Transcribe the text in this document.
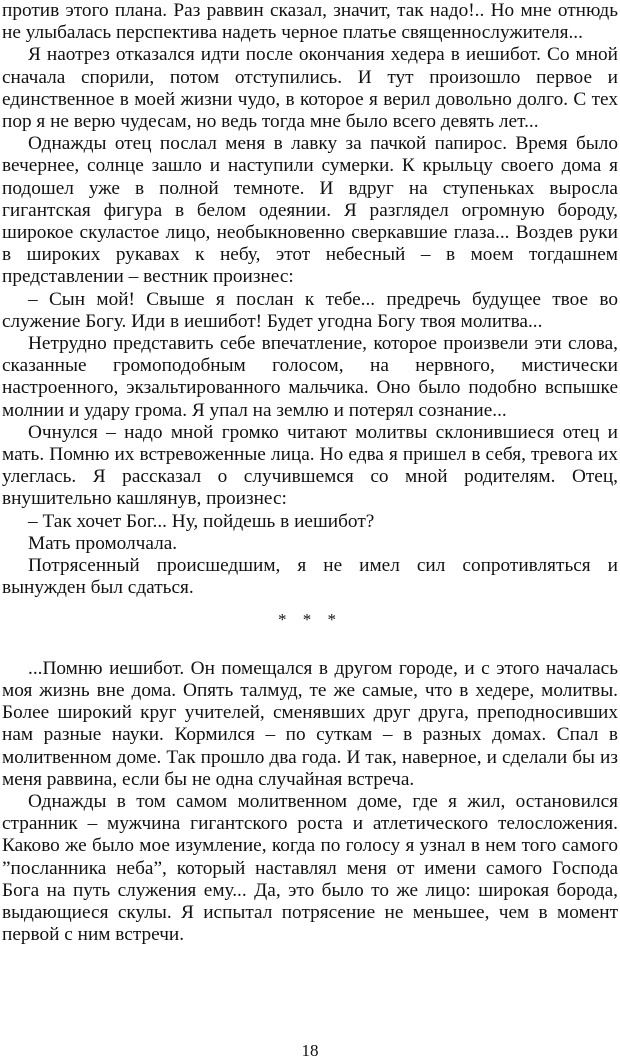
против этого плана. Раз раввин сказал, значит, так надо!.. Но мне отнюдь не улыбалась перспектива надеть черное платье священнослужителя...

Я наотрез отказался идти после окончания хедера в иешибот. Со мной сначала спорили, потом отступились. И тут произошло первое и единственное в моей жизни чудо, в которое я верил довольно долго. С тех пор я не верю чудесам, но ведь тогда мне было всего девять лет...

Однажды отец послал меня в лавку за пачкой папирос. Время было вечернее, солнце зашло и наступили сумерки. К крыльцу своего дома я подошел уже в полной темноте. И вдруг на ступеньках выросла гигантская фигура в белом одеянии. Я разглядел огромную бороду, широкое скуластое лицо, необыкновенно сверкавшие глаза... Воздев руки в широких рукавах к небу, этот небесный – в моем тогдашнем представлении – вестник произнес:

– Сын мой! Свыше я послан к тебе... предречь будущее твое во служение Богу. Иди в иешибот! Будет угодна Богу твоя молитва...

Нетрудно представить себе впечатление, которое произвели эти слова, сказанные громоподобным голосом, на нервного, мистически настроенного, экзальтированного мальчика. Оно было подобно вспышке молнии и удару грома. Я упал на землю и потерял сознание...

Очнулся – надо мной громко читают молитвы склонившиеся отец и мать. Помню их встревоженные лица. Но едва я пришел в себя, тревога их улеглась. Я рассказал о случившемся со мной родителям. Отец, внушительно кашлянув, произнес:

– Так хочет Бог... Ну, пойдешь в иешибот?

Мать промолчала.

Потрясенный происшедшим, я не имел сил сопротивляться и вынужден был сдаться.

* * *

...Помню иешибот. Он помещался в другом городе, и с этого началась моя жизнь вне дома. Опять талмуд, те же самые, что в хедере, молитвы. Более широкий круг учителей, сменявших друг друга, преподносивших нам разные науки. Кормился – по суткам – в разных домах. Спал в молитвенном доме. Так прошло два года. И так, наверное, и сделали бы из меня раввина, если бы не одна случайная встреча.

Однажды в том самом молитвенном доме, где я жил, остановился странник – мужчина гигантского роста и атлетического телосложения. Каково же было мое изумление, когда по голосу я узнал в нем того самого ”посланника неба”, который наставлял меня от имени самого Господа Бога на путь служения ему... Да, это было то же лицо: широкая борода, выдающиеся скулы. Я испытал потрясение не меньшее, чем в момент первой с ним встречи.

18
